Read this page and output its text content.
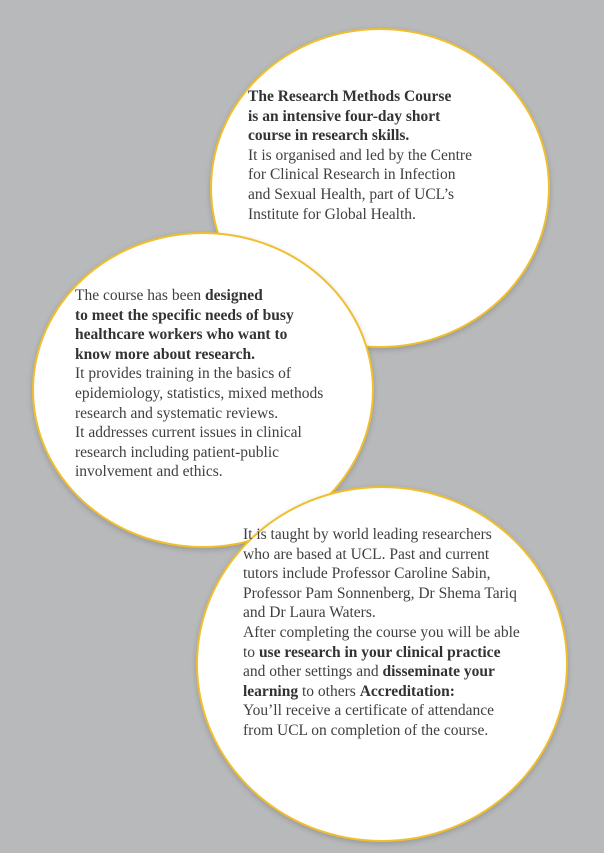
The Research Methods Course
is an intensive four-day short
course in research skills.
It is organised and led by the Centre
for Clinical Research in Infection
and Sexual Health, part of UCL’s
Institute for Global Health.
The course has been designed
to meet the specific needs of busy
healthcare workers who want to
know more about research.
It provides training in the basics of
epidemiology, statistics, mixed methods
research and systematic reviews.
It addresses current issues in clinical
research including patient-public
involvement and ethics.
It is taught by world leading researchers
who are based at UCL. Past and current
tutors include Professor Caroline Sabin,
Professor Pam Sonnenberg, Dr Shema Tariq
and Dr Laura Waters.
After completing the course you will be able
to use research in your clinical practice
and other settings and disseminate your
learning to others Accreditation:
You’ll receive a certificate of attendance
from UCL on completion of the course.
